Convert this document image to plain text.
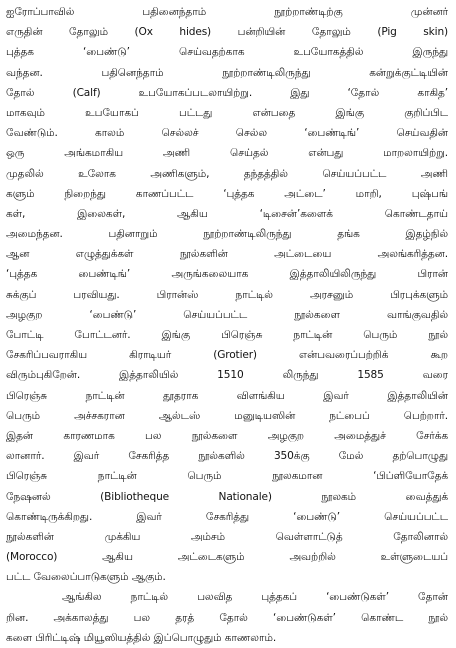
ஐரோப்பாவில் பதினைந்தாம் நூற்றாண்டிற்கு முன்னர்
எருதின் தோலும் (Ox hides) பன்றியின் தோலும் (Pig skin)
புத்தக ‘பைண்டு’ செய்வதற்காக உபயோகத்தில் இருந்து
வந்தன. பதினெந்தாம் நூற்றாண்டிலிருந்து கன்றுக்குட்டியின்
தோல் (Calf) உபயோகப்படலாயிற்று. இது ‘தோல் காகித’
மாகவும் உபயோகப் பட்டது என்பதை இங்கு குறிப்பிட
வேண்டும். காலம் செல்லச் செல்ல ‘பைண்டிங்’ செய்வதின்
ஒரு அங்கமாகிய அணி செய்தல் என்பது மாறலாயிற்று.
முதலில் உலோக அணிகளும், தந்தத்தில் செய்யப்பட்ட அணி
களும் நிறைந்து காணப்பட்ட ‘புத்தக அட்டை’ மாறி, புஷ்பங்
கள், இலைகள், ஆகிய ‘டிசைன்’களைக் கொண்டதாய்
அமைந்தன. பதினாறும் நூற்றாண்டிலிருந்து தங்க இதழ்நில்
ஆன எழுத்துக்கள் நூல்களின் அட்டையை அலங்கரித்தன.
‘புத்தக பைண்டிங்’ அருங்கலையாக இத்தாலியிலிருந்து பிரான்
சுக்குப் பரவியது. பிரான்ஸ் நாட்டில் அரசனும் பிரபுக்களும்
அழகுற ‘பைண்டு’ செய்யப்பட்ட நூல்களை வாங்குவதில்
போட்டி போட்டனர். இங்கு பிரெஞ்சு நாட்டின் பெரும் நூல்
சேகரிப்பவராகிய கிராடியர் (Grotier) என்பவரைப்பற்றிக் கூற
விரும்புகிறேன். இத்தாலியில் 1510 லிருந்து 1585 வரை
பிரெஞ்சு நாட்டின் தூதராக விளங்கிய இவர் இத்தாலியின்
பெரும் அச்சகரான ஆல்டஸ் மனுடியஸின் நட்பைப் பெற்றார்.
இதன் காரணமாக பல நூல்களை அழகுற அமைத்துச் சேர்க்க
லானார். இவர் சேகரித்த நூல்களில் 350க்கு மேல் தற்பொழுது
பிரெஞ்சு நாட்டின் பெரும் நூலகமான ‘பிப்ளியோதேக்
நேஷனல் (Bibliotheque Nationale) நூலகம் வைத்துக்
கொண்டிருக்கிறது. இவர் சேகரித்து ‘பைண்டு’ செய்யப்பட்ட
நூல்களின் முக்கிய அம்சம் வெள்ளாட்டுத் தோலினால்
(Morocco) ஆகிய அட்டைகளும் அவற்றில் உள்ளுடையப்
பட்ட வேலைப்பாடுகளும் ஆகும்.
ஆங்கில நாட்டில் பலவித புத்தகப் ‘பைண்டுகள்’ தோன்
றின. அக்காலத்து பல தரத் தோல் ‘பைண்டுகள்’ கொண்ட நூல்
களை பிரிட்டிஷ் மியூஸியத்தில் இப்பொழுதும் காணலாம்.
